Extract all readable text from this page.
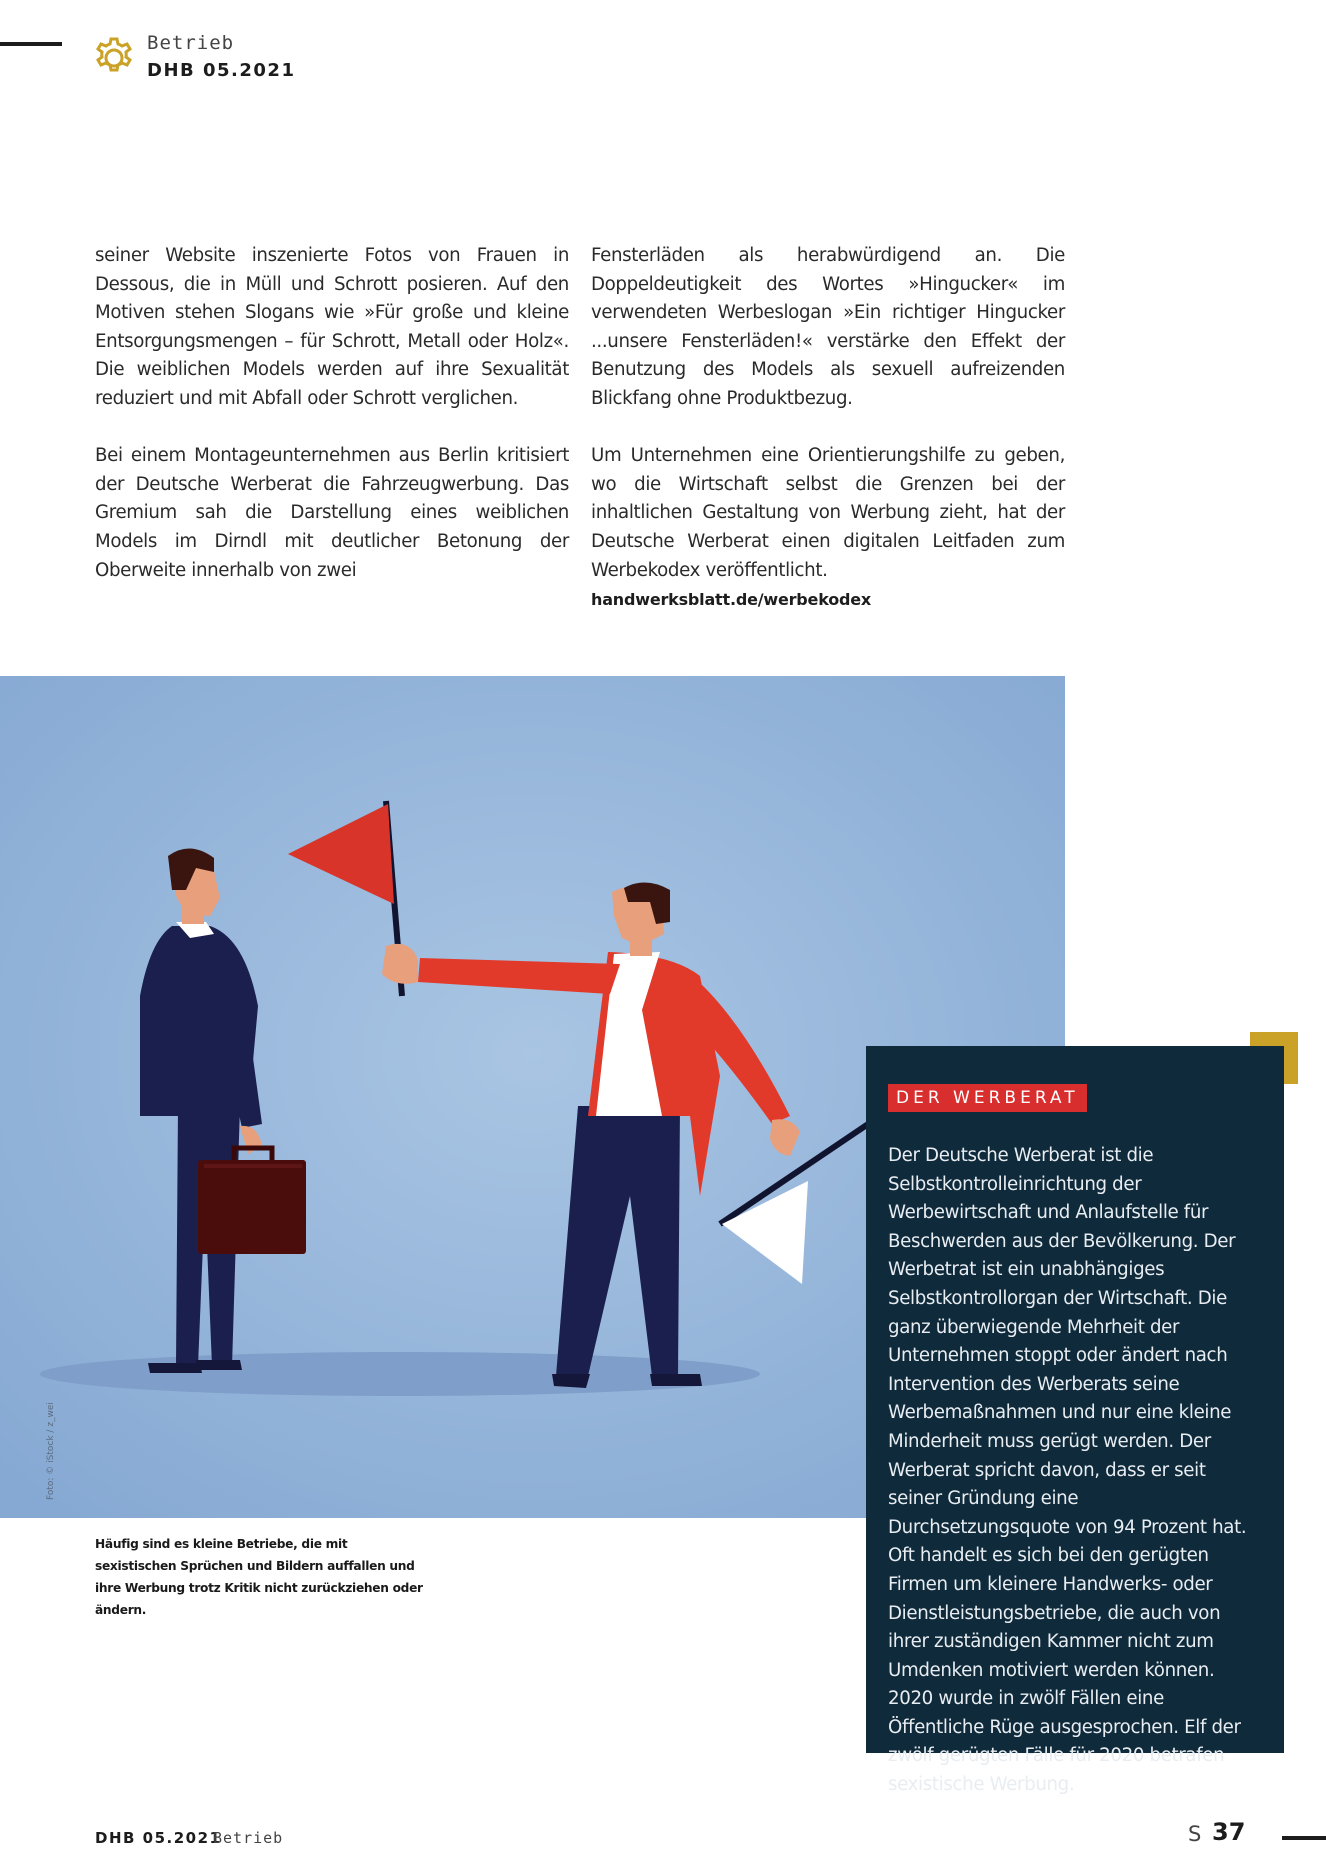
Betrieb
DHB 05.2021

seiner Website inszenierte Fotos von Frauen in Dessous, die in Müll und Schrott posieren. Auf den Motiven stehen Slogans wie »Für große und kleine Entsorgungsmengen – für Schrott, Metall oder Holz«. Die weiblichen Models werden auf ihre Sexualität reduziert und mit Abfall oder Schrott verglichen.

Bei einem Montageunternehmen aus Berlin kritisiert der Deutsche Werberat die Fahrzeugwerbung. Das Gremium sah die Darstellung eines weiblichen Models im Dirndl mit deutlicher Betonung der Oberweite innerhalb von zwei

Fensterläden als herabwürdigend an. Die Doppeldeutigkeit des Wortes »Hingucker« im verwendeten Werbeslogan »Ein richtiger Hingucker ...unsere Fensterläden!« verstärke den Effekt der Benutzung des Models als sexuell aufreizenden Blickfang ohne Produktbezug.

Um Unternehmen eine Orientierungshilfe zu geben, wo die Wirtschaft selbst die Grenzen bei der inhaltlichen Gestaltung von Werbung zieht, hat der Deutsche Werberat einen digitalen Leitfaden zum Werbekodex veröffentlicht.

handwerksblatt.de/werbekodex
Foto: © iStock / z_wei
Häufig sind es kleine Betriebe, die mit sexistischen Sprüchen und Bildern auffallen und ihre Werbung trotz Kritik nicht zurückziehen oder ändern.
DER WERBERAT
Der Deutsche Werberat ist die Selbstkontrolleinrichtung der Werbewirtschaft und Anlaufstelle für Beschwerden aus der Bevölkerung. Der Werbetrat ist ein unabhängiges Selbstkontrollorgan der Wirtschaft. Die ganz überwiegende Mehrheit der Unternehmen stoppt oder ändert nach Intervention des Werberats seine Werbemaßnahmen und nur eine kleine Minderheit muss gerügt werden. Der Werberat spricht davon, dass er seit seiner Gründung eine Durchsetzungsquote von 94 Prozent hat. Oft handelt es sich bei den gerügten Firmen um kleinere Handwerks- oder Dienstleistungsbetriebe, die auch von ihrer zuständigen Kammer nicht zum Umdenken motiviert werden können. 2020 wurde in zwölf Fällen eine Öffentliche Rüge ausgesprochen. Elf der zwölf gerügten Fälle für 2020 betrafen sexistische Werbung.
werberat.de
DHB 05.2021
Betrieb	S 37
